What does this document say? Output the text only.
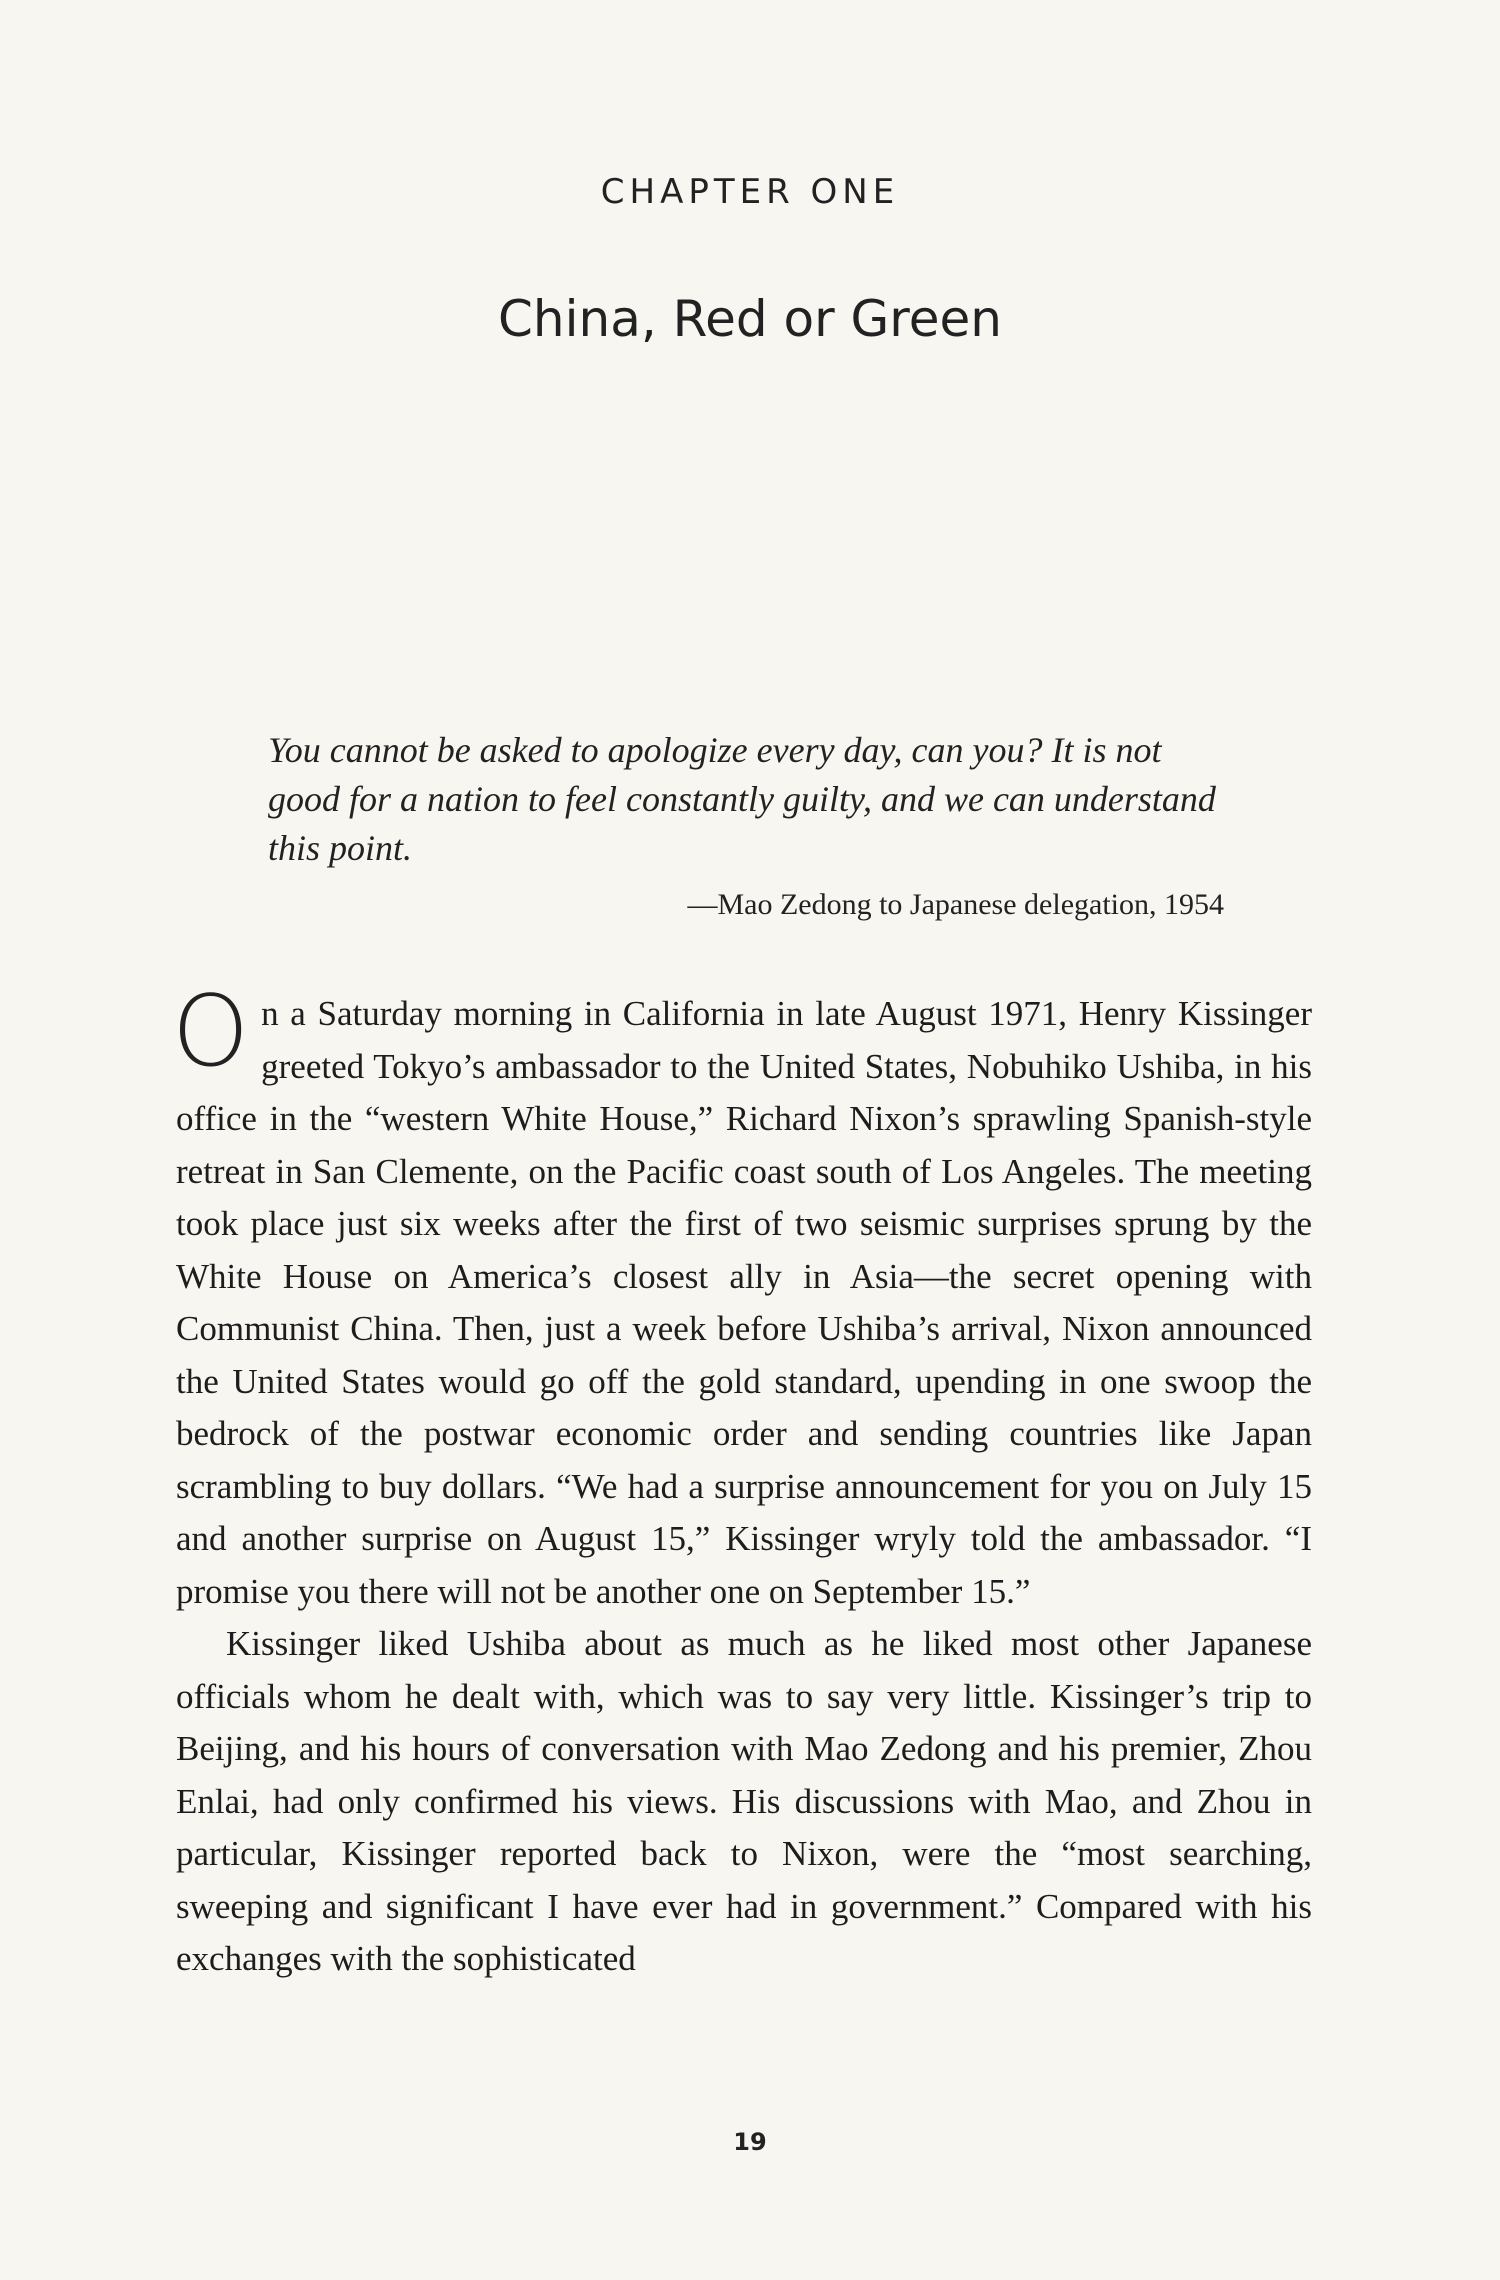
CHAPTER ONE
China, Red or Green
You cannot be asked to apologize every day, can you? It is not good for a nation to feel constantly guilty, and we can understand this point.
—Mao Zedong to Japanese delegation, 1954

On a Saturday morning in California in late August 1971, Henry Kissinger greeted Tokyo’s ambassador to the United States, Nobuhiko Ushiba, in his office in the “western White House,” Richard Nixon’s sprawling Spanish-style retreat in San Clemente, on the Pacific coast south of Los Angeles. The meeting took place just six weeks after the first of two seismic surprises sprung by the White House on America’s closest ally in Asia—the secret opening with Communist China. Then, just a week before Ushiba’s arrival, Nixon announced the United States would go off the gold standard, upending in one swoop the bedrock of the postwar economic order and sending countries like Japan scrambling to buy dollars. “We had a surprise announcement for you on July 15 and another surprise on August 15,” Kissinger wryly told the ambassador. “I promise you there will not be another one on September 15.”

Kissinger liked Ushiba about as much as he liked most other Japanese officials whom he dealt with, which was to say very little. Kissinger’s trip to Beijing, and his hours of conversation with Mao Zedong and his premier, Zhou Enlai, had only confirmed his views. His discussions with Mao, and Zhou in particular, Kissinger reported back to Nixon, were the “most searching, sweeping and significant I have ever had in government.” Compared with his exchanges with the sophisticated

19
